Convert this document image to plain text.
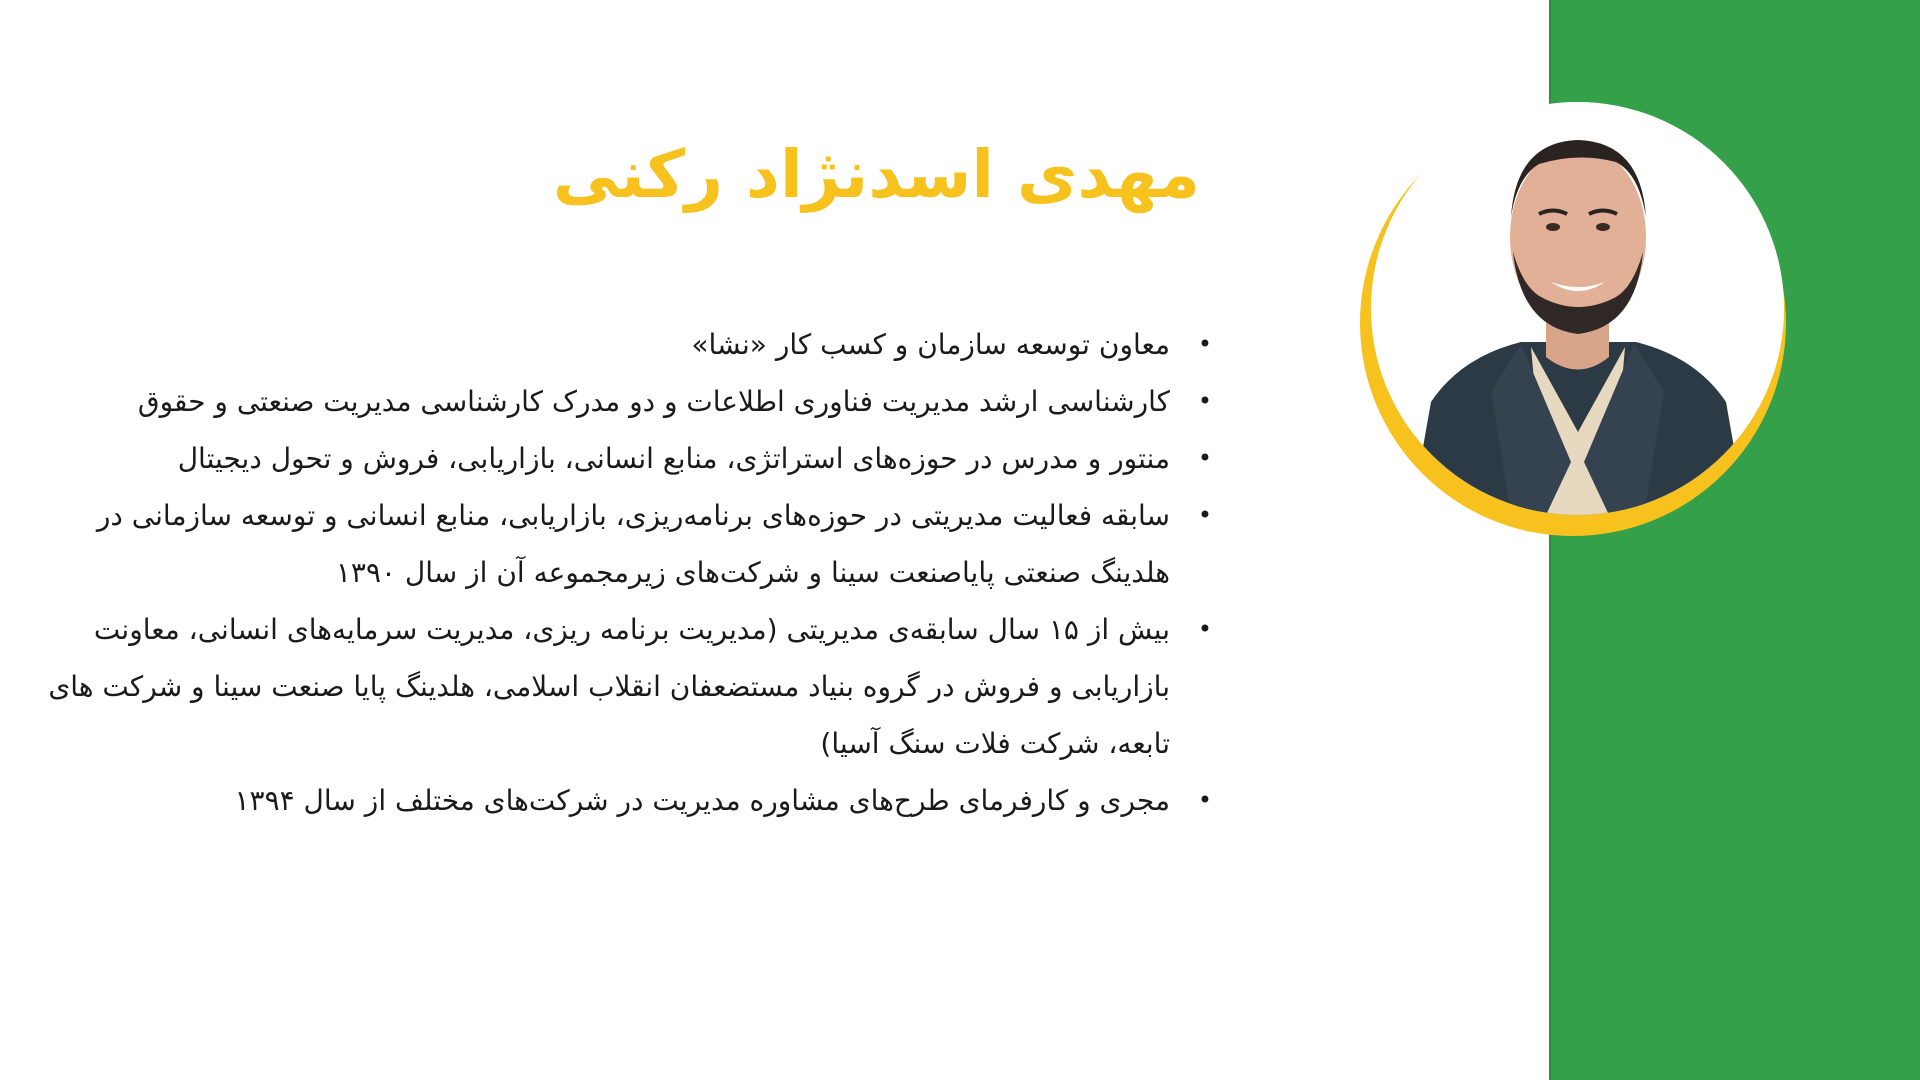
مهدی اسدنژاد رکنی
•
معاون توسعه سازمان و کسب کار «نشا»
•
کارشناسی ارشد مدیریت فناوری اطلاعات و دو مدرک کارشناسی مدیریت صنعتی و حقوق
•
منتور و مدرس در حوزه‌های استراتژی، منابع انسانی، بازاریابی، فروش و تحول دیجیتال
•
سابقه فعالیت مدیریتی در حوزه‌های برنامه‌ریزی، بازاریابی، منابع انسانی و توسعه سازمانی در هلدینگ صنعتی پایاصنعت سینا و شرکت‌های زیرمجموعه آن از سال ۱۳۹۰
•
بیش از ۱۵ سال سابقه‌ی مدیریتی (مدیریت برنامه ریزی، مدیریت سرمایه‌های انسانی، معاونت بازاریابی و فروش در گروه بنیاد مستضعفان انقلاب اسلامی، هلدینگ پایا صنعت سینا و شرکت های تابعه، شرکت فلات سنگ آسیا)
•
مجری و کارفرمای طرح‌های مشاوره مدیریت در شرکت‌های مختلف از سال ۱۳۹۴
